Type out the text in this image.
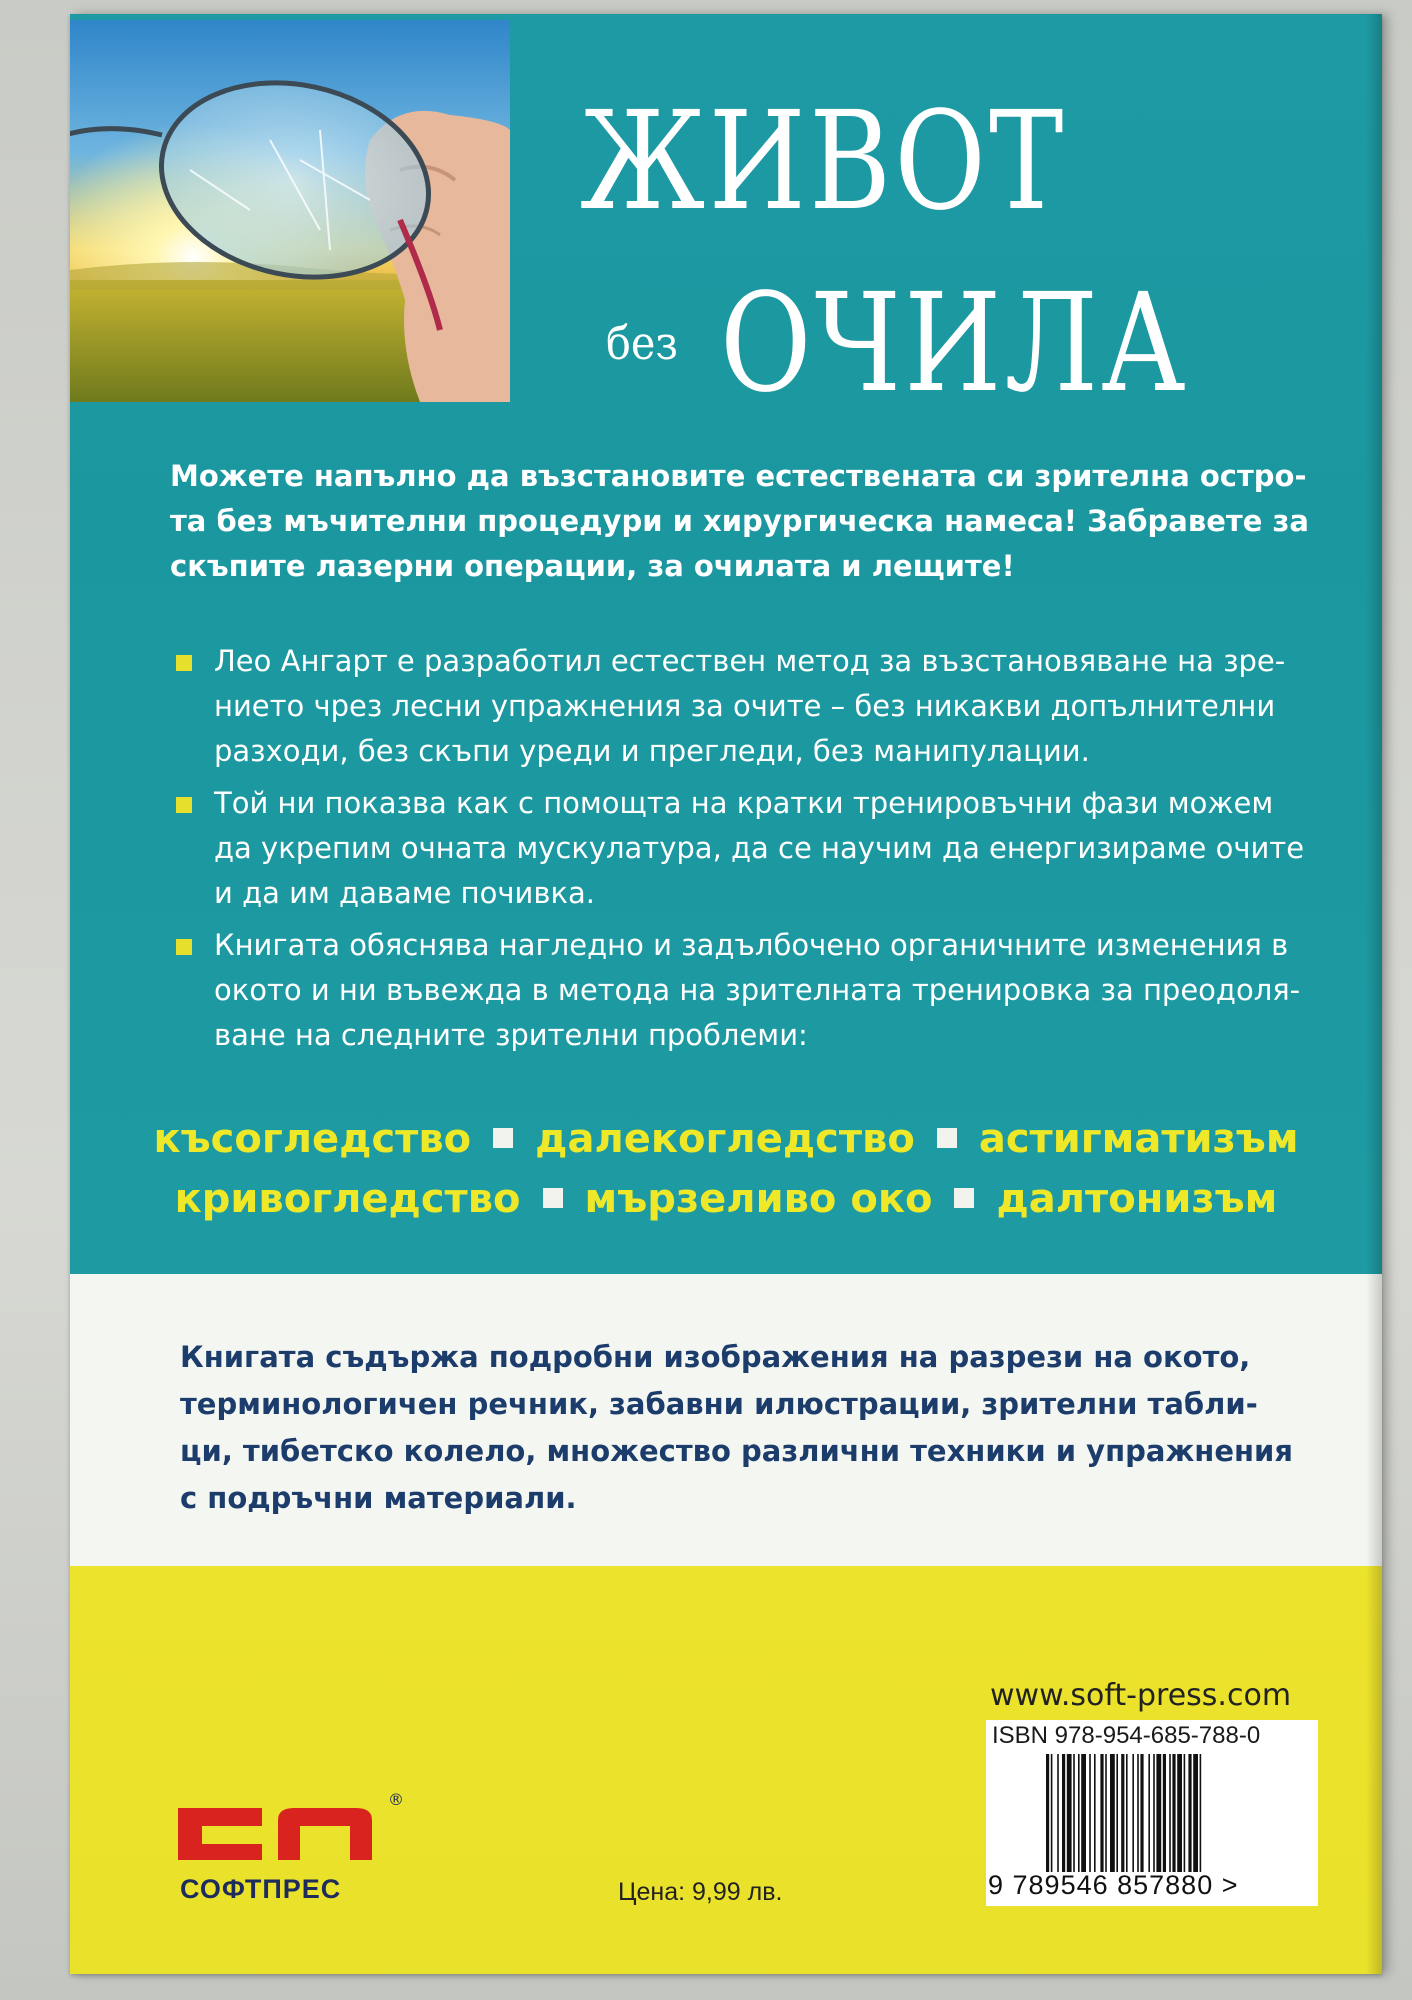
ЖИВОТ
без ОЧИЛА
Можете напълно да възстановите естествената си зрителна остро-
та без мъчителни процедури и хирургическа намеса! Забравете за
скъпите лазерни операции, за очилата и лещите!
Лео Ангарт е разработил естествен метод за възстановяване на зре-
нието чрез лесни упражнения за очите – без никакви допълнителни
разходи, без скъпи уреди и прегледи, без манипулации.
Той ни показва как с помощта на кратки тренировъчни фази можем
да укрепим очната мускулатура, да се научим да енергизираме очите
и да им даваме почивка.
Книгата обяснява нагледно и задълбочено органичните изменения в
окото и ни въвежда в метода на зрителната тренировка за преодоля-
ване на следните зрителни проблеми:
късогледство далекогледство астигматизъм
кривогледство мързеливо око далтонизъм
Книгата съдържа подробни изображения на разрези на окото,
терминологичен речник, забавни илюстрации, зрителни табли-
ци, тибетско колело, множество различни техники и упражнения
с подръчни материали.
www.soft-press.com
ISBN 978-954-685-788-0
9 789546 857880 >
®
СОФТПРЕС	Цена: 9,99 лв.
